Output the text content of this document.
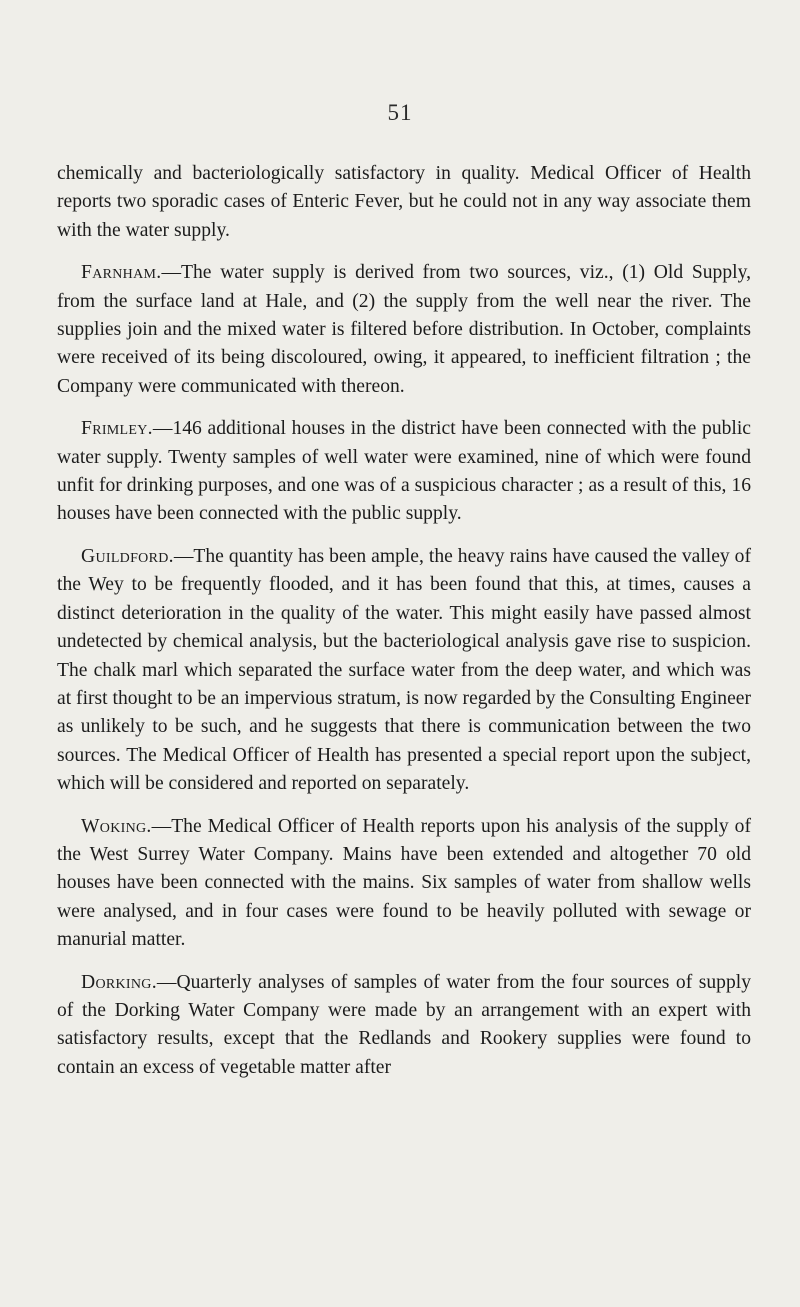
51

chemically and bacteriologically satisfactory in quality. Medical Officer of Health reports two sporadic cases of Enteric Fever, but he could not in any way associate them with the water supply.

Farnham.—The water supply is derived from two sources, viz., (1) Old Supply, from the surface land at Hale, and (2) the supply from the well near the river. The supplies join and the mixed water is filtered before distribution. In October, complaints were received of its being discoloured, owing, it appeared, to inefficient filtration ; the Company were communicated with thereon.

Frimley.—146 additional houses in the district have been connected with the public water supply. Twenty samples of well water were examined, nine of which were found unfit for drinking purposes, and one was of a suspicious character ; as a result of this, 16 houses have been connected with the public supply.

Guildford.—The quantity has been ample, the heavy rains have caused the valley of the Wey to be frequently flooded, and it has been found that this, at times, causes a distinct deterioration in the quality of the water. This might easily have passed almost undetected by chemical analysis, but the bacteriological analysis gave rise to suspicion. The chalk marl which separated the surface water from the deep water, and which was at first thought to be an impervious stratum, is now regarded by the Consulting Engineer as unlikely to be such, and he suggests that there is communication between the two sources. The Medical Officer of Health has presented a special report upon the subject, which will be considered and reported on separately.

Woking.—The Medical Officer of Health reports upon his analysis of the supply of the West Surrey Water Company. Mains have been extended and altogether 70 old houses have been connected with the mains. Six samples of water from shallow wells were analysed, and in four cases were found to be heavily polluted with sewage or manurial matter.

Dorking.—Quarterly analyses of samples of water from the four sources of supply of the Dorking Water Company were made by an arrangement with an expert with satisfactory results, except that the Redlands and Rookery supplies were found to contain an excess of vegetable matter after
